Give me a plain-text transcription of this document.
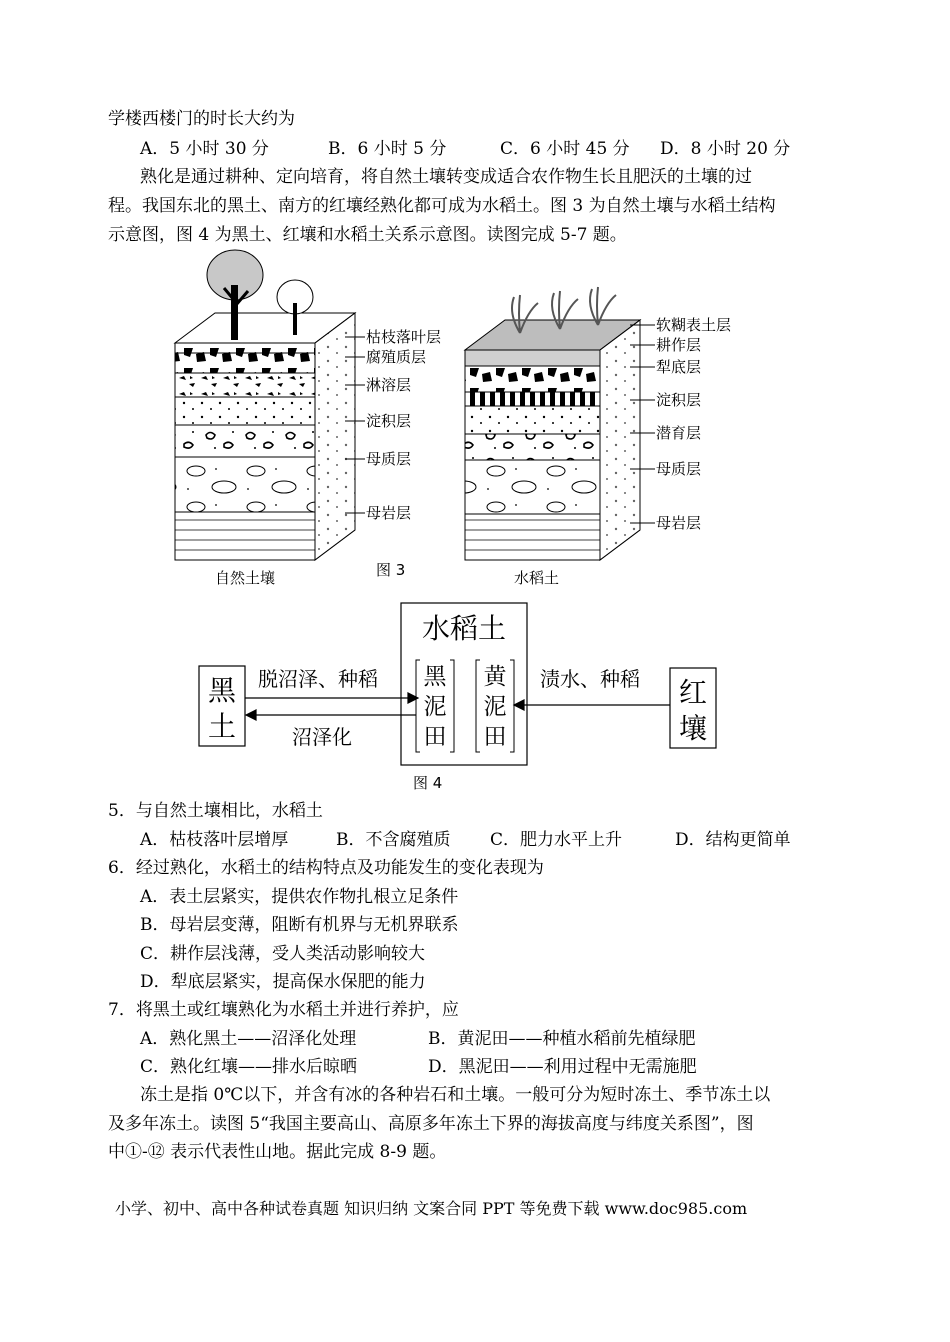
学楼西楼门的时长大约为
A．5 小时 30 分	B．6 小时 5 分	C．6 小时 45 分 D．8 小时 20 分
熟化是通过耕种、定向培育，将自然土壤转变成适合农作物生长且肥沃的土壤的过
程。我国东北的黑土、南方的红壤经熟化都可成为水稻土。图 3 为自然土壤与水稻土结构
示意图，图 4 为黑土、红壤和水稻土关系示意图。读图完成 5-7 题。
枯枝落叶层
腐殖质层
淋溶层
淀积层
母质层
母岩层
自然土壤	图 3
软糊表土层
耕作层
犁底层
淀积层
潜育层
母质层
母岩层
水稻土
水稻土
黑
泥
田
黄
泥
田
黑
土
红
壤
脱沼泽、种稻
沼泽化
渍水、种稻
图 4
5．与自然土壤相比，水稻土
A．枯枝落叶层增厚	B．不含腐殖质 C．肥力水平上升	D．结构更简单
6．经过熟化，水稻土的结构特点及功能发生的变化表现为
A．表土层紧实，提供农作物扎根立足条件
B．母岩层变薄，阻断有机界与无机界联系
C．耕作层浅薄，受人类活动影响较大
D．犁底层紧实，提高保水保肥的能力
7．将黑土或红壤熟化为水稻土并进行养护，应
A．熟化黑土——沼泽化处理	B．黄泥田——种植水稻前先植绿肥
C．熟化红壤——排水后晾晒	D．黑泥田——利用过程中无需施肥
冻土是指 0℃以下，并含有冰的各种岩石和土壤。一般可分为短时冻土、季节冻土以
及多年冻土。读图 5“我国主要高山、高原多年冻土下界的海拔高度与纬度关系图”，图
中①-⑫ 表示代表性山地。据此完成 8-9 题。
小学、初中、高中各种试卷真题 知识归纳 文案合同 PPT 等免费下载 www.doc985.com
